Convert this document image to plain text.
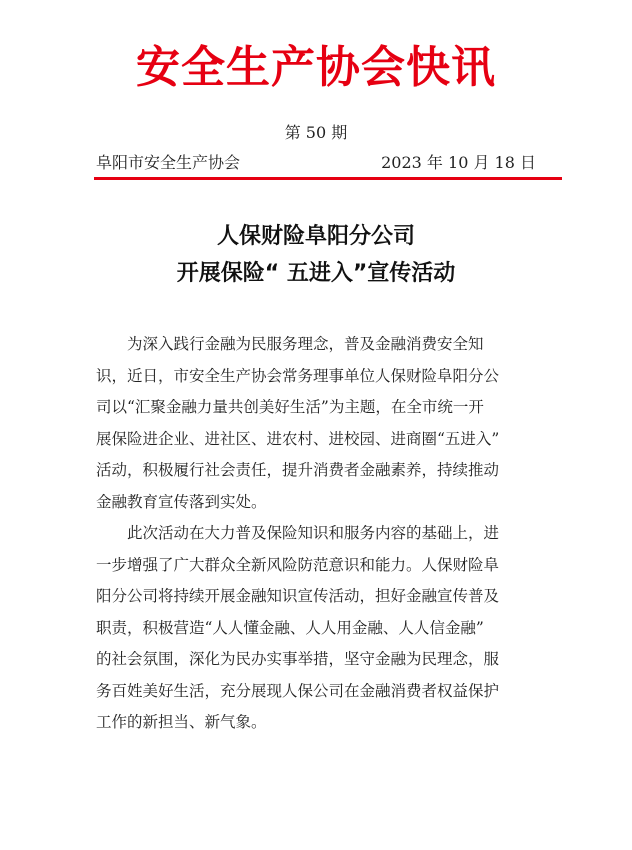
安全生产协会快讯
第 50 期
阜阳市安全生产协会	2023 年 10 月 18 日
人保财险阜阳分公司
开展保险“ 五进入”宣传活动
为深入践行金融为民服务理念，普及金融消费安全知
识，近日，市安全生产协会常务理事单位人保财险阜阳分公
司以“汇聚金融力量共创美好生活”为主题，在全市统一开
展保险进企业、进社区、进农村、进校园、进商圈“五进入”
活动，积极履行社会责任，提升消费者金融素养，持续推动
金融教育宣传落到实处。
此次活动在大力普及保险知识和服务内容的基础上，进
一步增强了广大群众全新风险防范意识和能力。人保财险阜
阳分公司将持续开展金融知识宣传活动，担好金融宣传普及
职责，积极营造“人人懂金融、人人用金融、人人信金融”
的社会氛围，深化为民办实事举措，坚守金融为民理念，服
务百姓美好生活，充分展现人保公司在金融消费者权益保护
工作的新担当、新气象。
